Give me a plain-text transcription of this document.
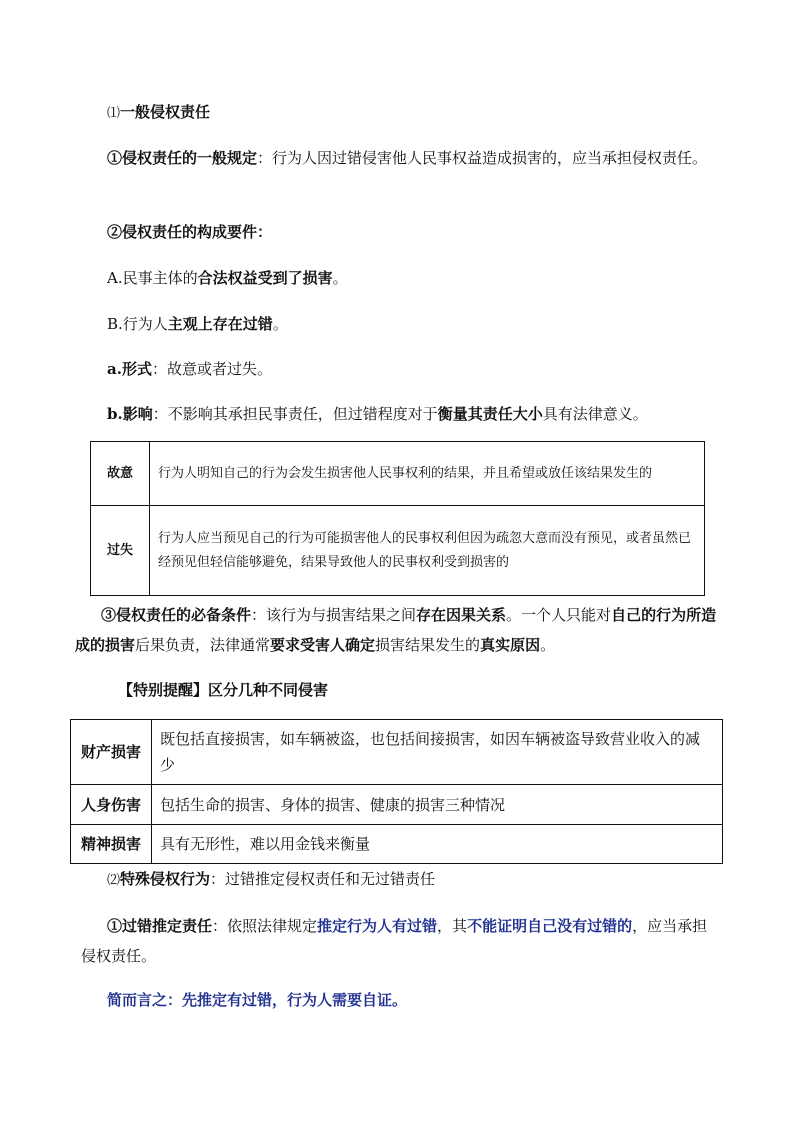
⑴一般侵权责任

①侵权责任的一般规定：行为人因过错侵害他人民事权益造成损害的，应当承担侵权责任。

②侵权责任的构成要件：
A.民事主体的合法权益受到了损害。
B.行为人主观上存在过错。
a.形式：故意或者过失。
b.影响：不影响其承担民事责任，但过错程度对于衡量其责任大小具有法律意义。
故意	行为人明知自己的行为会发生损害他人民事权利的结果，并且希望或放任该结果发生的
过失	行为人应当预见自己的行为可能损害他人的民事权利但因为疏忽大意而没有预见，或者虽然已经预见但轻信能够避免，结果导致他人的民事权利受到损害的

③侵权责任的必备条件：该行为与损害结果之间存在因果关系。一个人只能对自己的行为所造成的损害后果负责，法律通常要求受害人确定损害结果发生的真实原因。

【特别提醒】区分几种不同侵害
财产损害	既包括直接损害，如车辆被盗，也包括间接损害，如因车辆被盗导致营业收入的减少
人身伤害	包括生命的损害、身体的损害、健康的损害三种情况
精神损害	具有无形性，难以用金钱来衡量
⑵特殊侵权行为：过错推定侵权责任和无过错责任

①过错推定责任：依照法律规定推定行为人有过错，其不能证明自己没有过错的，应当承担侵权责任。

简而言之：先推定有过错，行为人需要自证。
